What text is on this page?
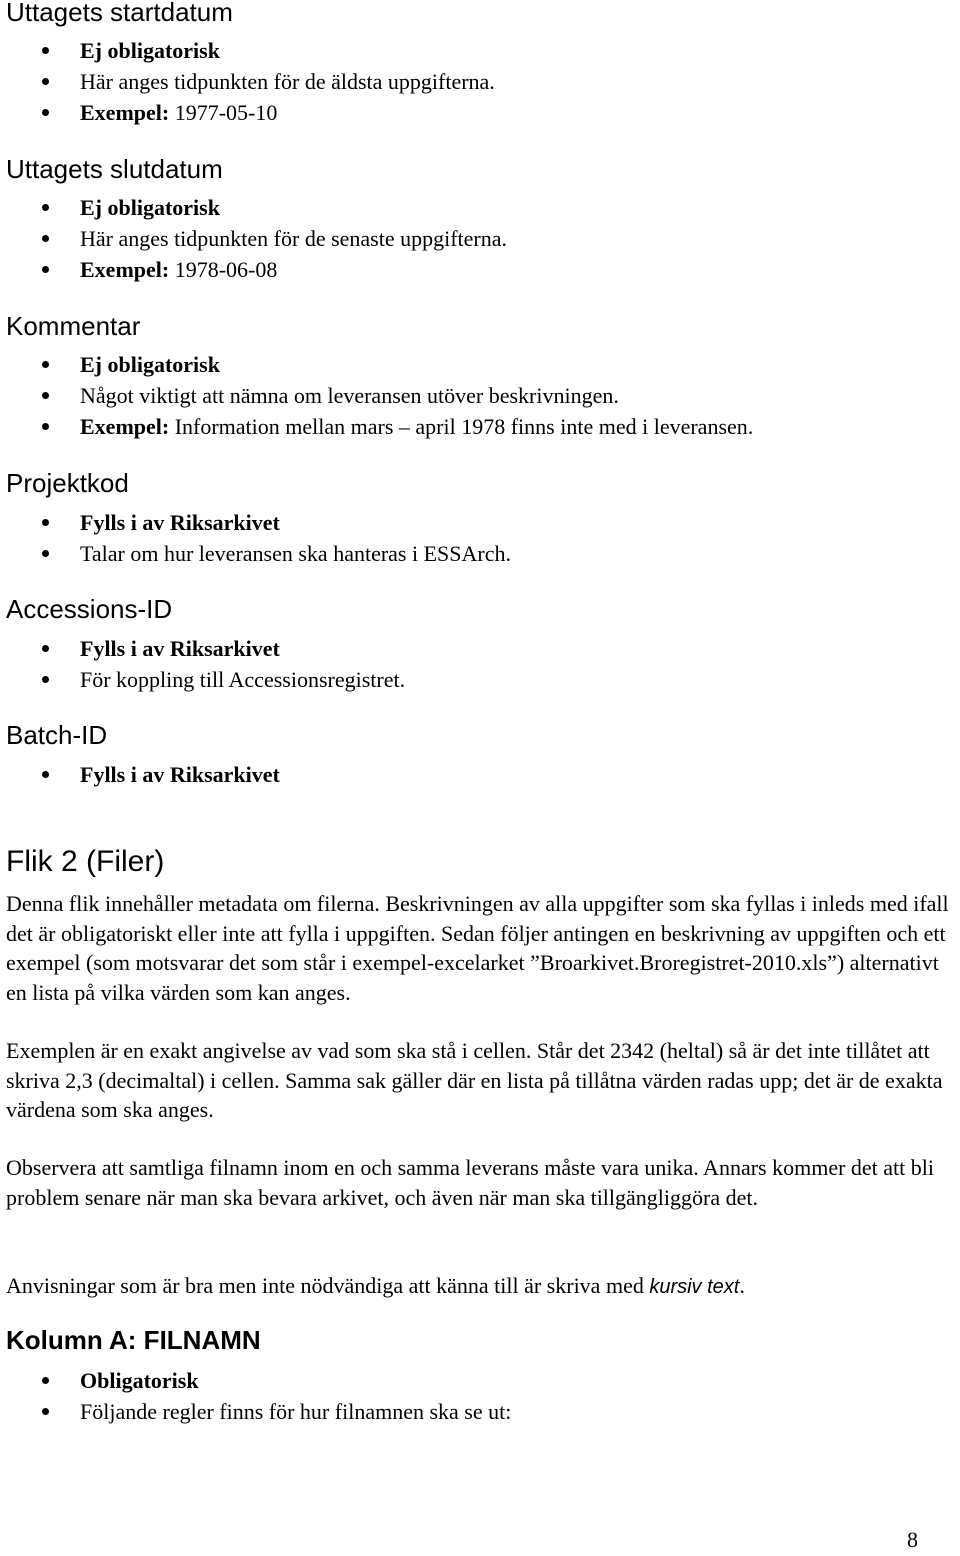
Uttagets startdatum
Ej obligatorisk
Här anges tidpunkten för de äldsta uppgifterna.
Exempel: 1977-05-10
Uttagets slutdatum
Ej obligatorisk
Här anges tidpunkten för de senaste uppgifterna.
Exempel: 1978-06-08
Kommentar
Ej obligatorisk
Något viktigt att nämna om leveransen utöver beskrivningen.
Exempel: Information mellan mars – april 1978 finns inte med i leveransen.
Projektkod
Fylls i av Riksarkivet
Talar om hur leveransen ska hanteras i ESSArch.
Accessions-ID
Fylls i av Riksarkivet
För koppling till Accessionsregistret.
Batch-ID
Fylls i av Riksarkivet
Flik 2 (Filer)

Denna flik innehåller metadata om filerna. Beskrivningen av alla uppgifter som ska fyllas i inleds med ifall det är obligatoriskt eller inte att fylla i uppgiften. Sedan följer antingen en beskrivning av uppgiften och ett exempel (som motsvarar det som står i exempel-excelarket ”Broarkivet.Broregistret-2010.xls”) alternativt en lista på vilka värden som kan anges.

Exemplen är en exakt angivelse av vad som ska stå i cellen. Står det 2342 (heltal) så är det inte tillåtet att skriva 2,3 (decimaltal) i cellen. Samma sak gäller där en lista på tillåtna värden radas upp; det är de exakta värdena som ska anges.

Observera att samtliga filnamn inom en och samma leverans måste vara unika. Annars kommer det att bli problem senare när man ska bevara arkivet, och även när man ska tillgängliggöra det.

Anvisningar som är bra men inte nödvändiga att känna till är skriva med kursiv text.

Kolumn A: FILNAMN
Obligatorisk
Följande regler finns för hur filnamnen ska se ut:
8
